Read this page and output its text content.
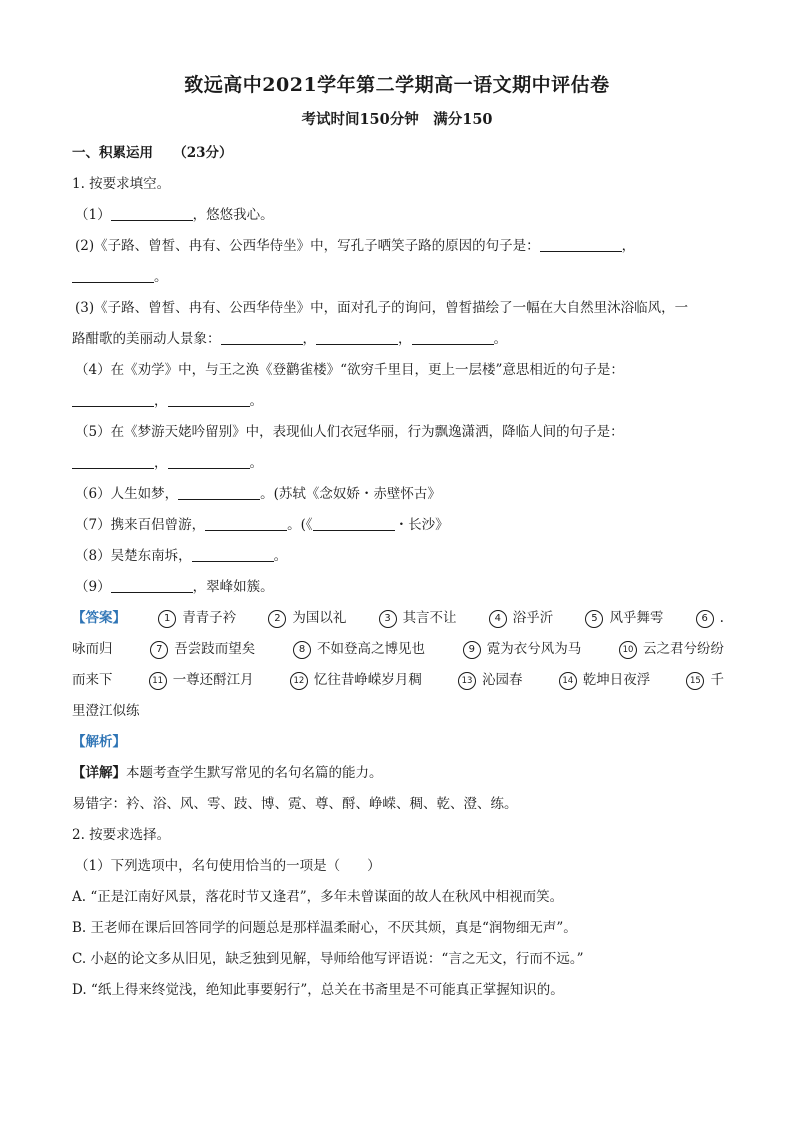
致远高中2021学年第二学期高一语文期中评估卷
考试时间150分钟　满分150
一、积累运用　　（23分）
1. 按要求填空。
（1）	，悠悠我心。
(2)《子路、曾皙、冉有、公西华侍坐》中，写孔子哂笑子路的原因的句子是：	，
。
(3)《子路、曾皙、冉有、公西华侍坐》中，面对孔子的询问，曾皙描绘了一幅在大自然里沐浴临风，一
路酣歌的美丽动人景象：	，	，	。
（4）在《劝学》中，与王之涣《登鹳雀楼》“欲穷千里目，更上一层楼”意思相近的句子是：
，	。
（5）在《梦游天姥吟留别》中，表现仙人们衣冠华丽，行为飘逸潇洒，降临人间的句子是：
，	。
（6）人生如梦，	。(苏轼《念奴娇・赤壁怀古》
（7）携来百侣曾游，	。(《	・长沙》
（8）吴楚东南坼，	。
（9）	，翠峰如簇。
【答案】	1 青青子衿	2 为国以礼	3 其言不让	4 浴乎沂	5 风乎舞雩	6 .
咏而归	7 吾尝跂而望矣	8 不如登高之博见也	9 霓为衣兮风为马	10 云之君兮纷纷
而来下	11 一尊还酹江月	12 忆往昔峥嵘岁月稠	13 沁园春	14 乾坤日夜浮	15 千
里澄江似练
【解析】
【详解】本题考查学生默写常见的名句名篇的能力。
易错字：衿、浴、风、雩、跂、博、霓、尊、酹、峥嵘、稠、乾、澄、练。
2. 按要求选择。
（1）下列选项中，名句使用恰当的一项是（　　）
A. “正是江南好风景，落花时节又逢君”，多年未曾谋面的故人在秋风中相视而笑。
B. 王老师在课后回答同学的问题总是那样温柔耐心，不厌其烦，真是“润物细无声”。
C. 小赵的论文多从旧见，缺乏独到见解，导师给他写评语说：“言之无文，行而不远。”
D. “纸上得来终觉浅，绝知此事要躬行”，总关在书斋里是不可能真正掌握知识的。
